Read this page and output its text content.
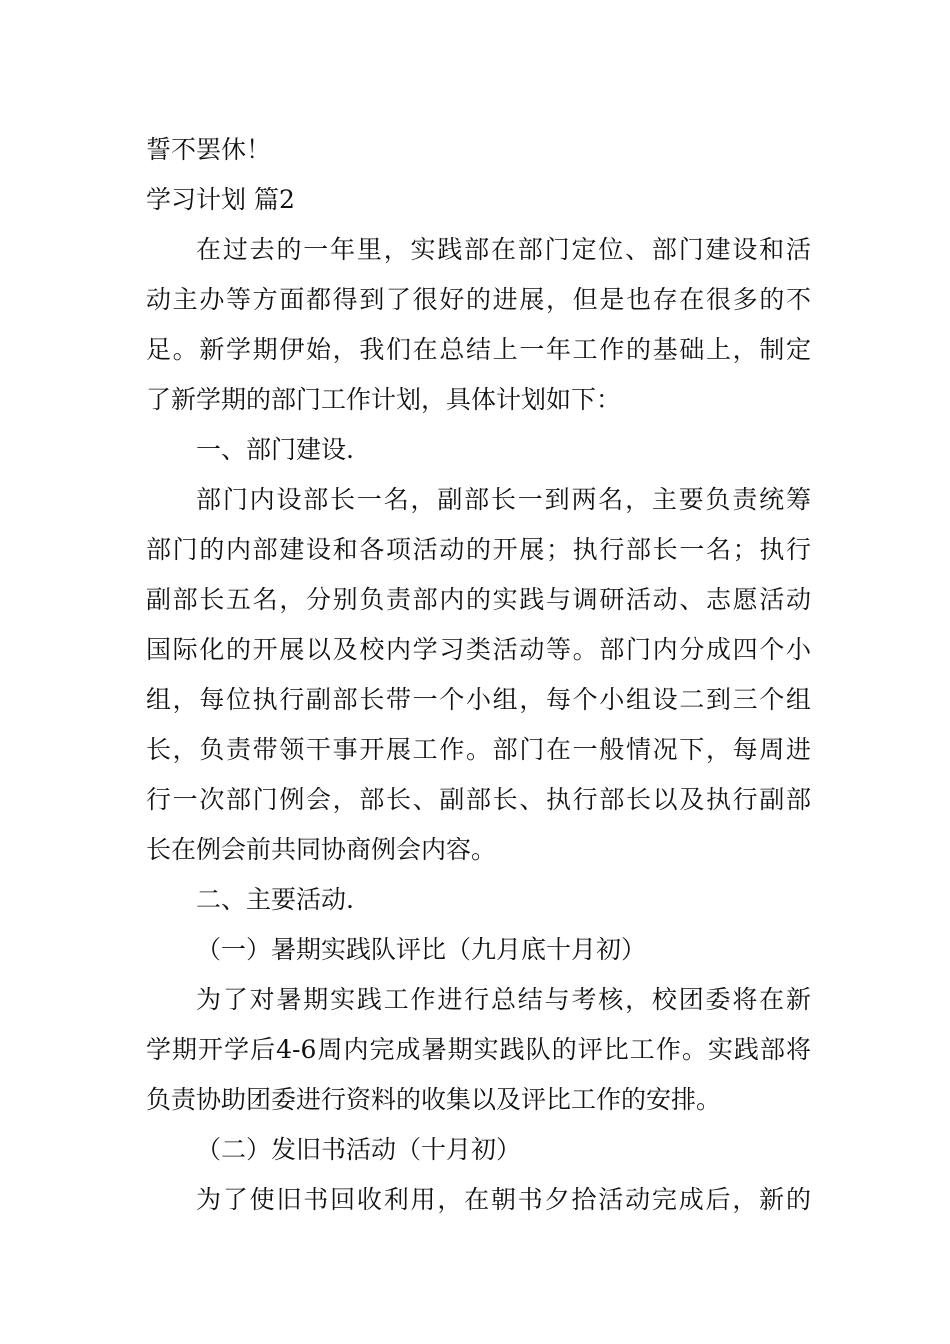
誓不罢休！
学习计划 篇2
在过去的一年里，实践部在部门定位、部门建设和活
动主办等方面都得到了很好的进展，但是也存在很多的不
足。新学期伊始，我们在总结上一年工作的基础上，制定
了新学期的部门工作计划，具体计划如下：
一、部门建设.
部门内设部长一名，副部长一到两名，主要负责统筹
部门的内部建设和各项活动的开展；执行部长一名；执行
副部长五名，分别负责部内的实践与调研活动、志愿活动
国际化的开展以及校内学习类活动等。部门内分成四个小
组，每位执行副部长带一个小组，每个小组设二到三个组
长，负责带领干事开展工作。部门在一般情况下，每周进
行一次部门例会，部长、副部长、执行部长以及执行副部
长在例会前共同协商例会内容。
二、主要活动.
（一）暑期实践队评比（九月底十月初）
为了对暑期实践工作进行总结与考核，校团委将在新
学期开学后4-6周内完成暑期实践队的评比工作。实践部将
负责协助团委进行资料的收集以及评比工作的安排。
（二）发旧书活动（十月初）
为了使旧书回收利用，在朝书夕拾活动完成后，新的
